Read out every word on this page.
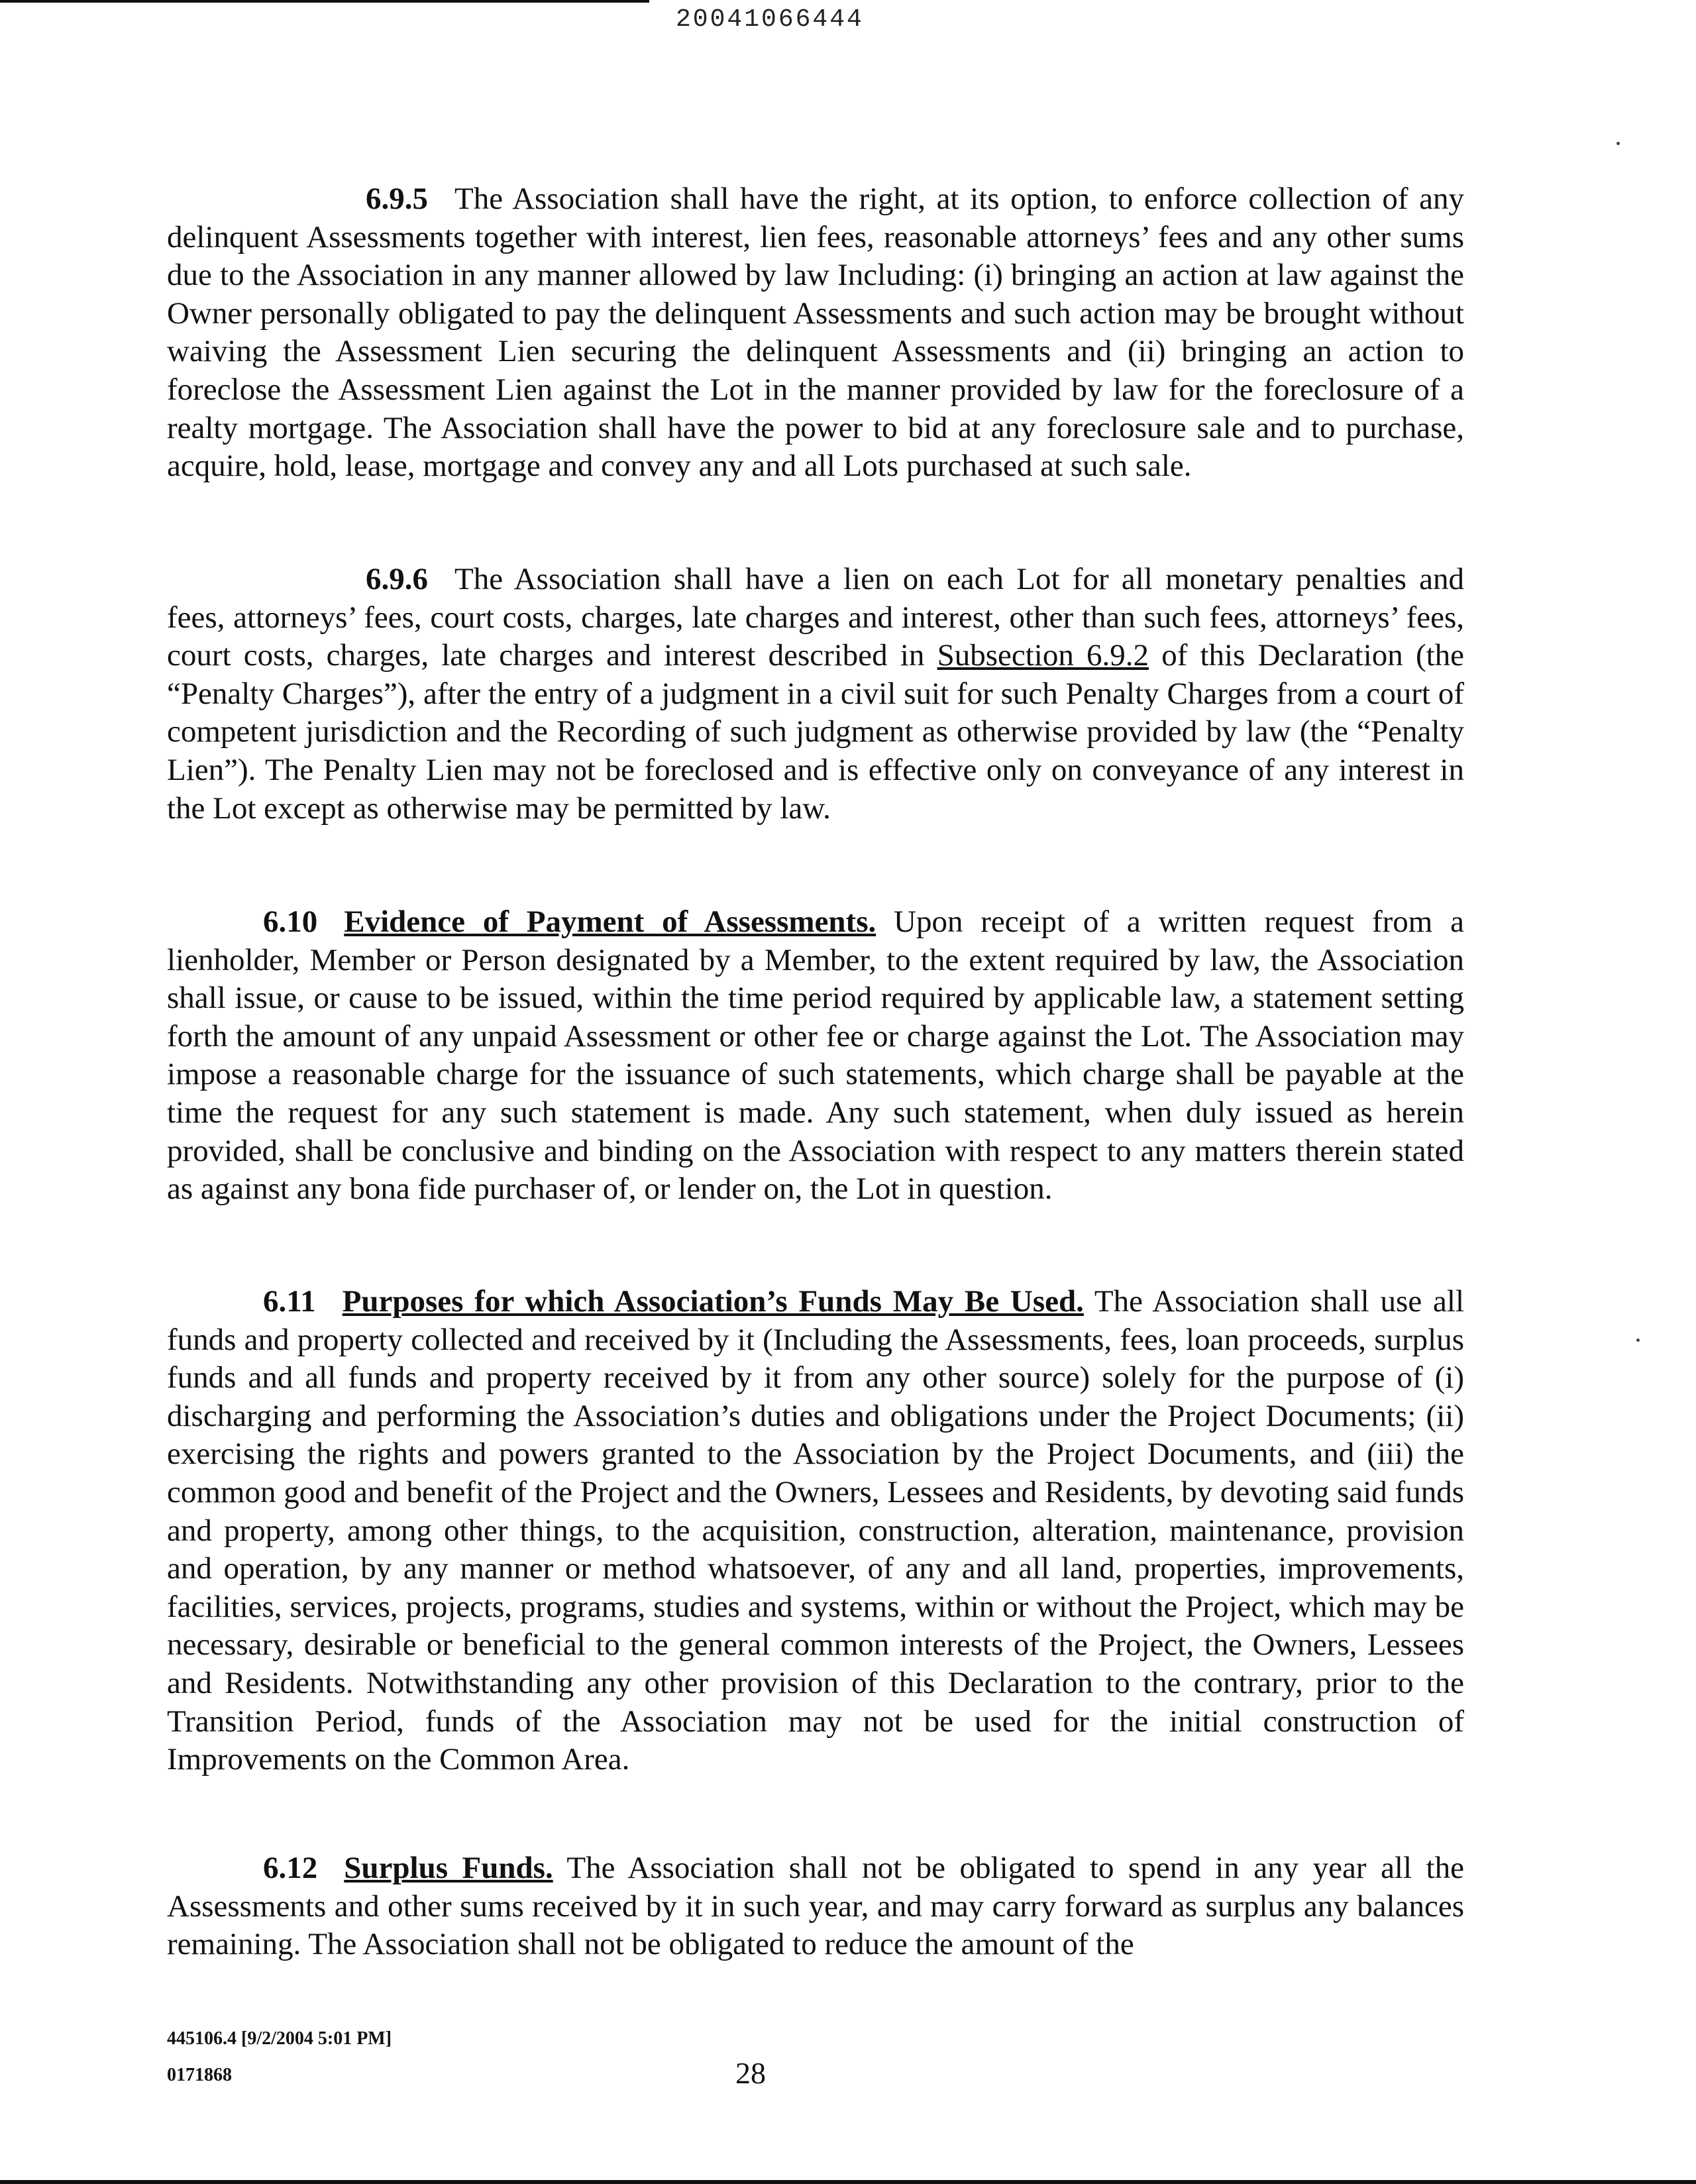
20041066444

6.9.5 The Association shall have the right, at its option, to enforce collection of any delinquent Assessments together with interest, lien fees, reasonable attorneys’ fees and any other sums due to the Association in any manner allowed by law Including: (i) bringing an action at law against the Owner personally obligated to pay the delinquent Assessments and such action may be brought without waiving the Assessment Lien securing the delinquent Assessments and (ii) bringing an action to foreclose the Assessment Lien against the Lot in the manner provided by law for the foreclosure of a realty mortgage. The Association shall have the power to bid at any foreclosure sale and to purchase, acquire, hold, lease, mortgage and convey any and all Lots purchased at such sale.

6.9.6 The Association shall have a lien on each Lot for all monetary penalties and fees, attorneys’ fees, court costs, charges, late charges and interest, other than such fees, attorneys’ fees, court costs, charges, late charges and interest described in Subsection 6.9.2 of this Declaration (the “Penalty Charges”), after the entry of a judgment in a civil suit for such Penalty Charges from a court of competent jurisdiction and the Recording of such judgment as otherwise provided by law (the “Penalty Lien”). The Penalty Lien may not be foreclosed and is effective only on conveyance of any interest in the Lot except as otherwise may be permitted by law.

6.10 Evidence of Payment of Assessments. Upon receipt of a written request from a lienholder, Member or Person designated by a Member, to the extent required by law, the Association shall issue, or cause to be issued, within the time period required by applicable law, a statement setting forth the amount of any unpaid Assessment or other fee or charge against the Lot. The Association may impose a reasonable charge for the issuance of such statements, which charge shall be payable at the time the request for any such statement is made. Any such statement, when duly issued as herein provided, shall be conclusive and binding on the Association with respect to any matters therein stated as against any bona fide purchaser of, or lender on, the Lot in question.

6.11 Purposes for which Association’s Funds May Be Used. The Association shall use all funds and property collected and received by it (Including the Assessments, fees, loan proceeds, surplus funds and all funds and property received by it from any other source) solely for the purpose of (i) discharging and performing the Association’s duties and obligations under the Project Documents; (ii) exercising the rights and powers granted to the Association by the Project Documents, and (iii) the common good and benefit of the Project and the Owners, Lessees and Residents, by devoting said funds and property, among other things, to the acquisition, construction, alteration, maintenance, provision and operation, by any manner or method whatsoever, of any and all land, properties, improvements, facilities, services, projects, programs, studies and systems, within or without the Project, which may be necessary, desirable or beneficial to the general common interests of the Project, the Owners, Lessees and Residents. Notwithstanding any other provision of this Declaration to the contrary, prior to the Transition Period, funds of the Association may not be used for the initial construction of Improvements on the Common Area.

6.12 Surplus Funds. The Association shall not be obligated to spend in any year all the Assessments and other sums received by it in such year, and may carry forward as surplus any balances remaining. The Association shall not be obligated to reduce the amount of the

445106.4 [9/2/2004 5:01 PM]
0171868	28
